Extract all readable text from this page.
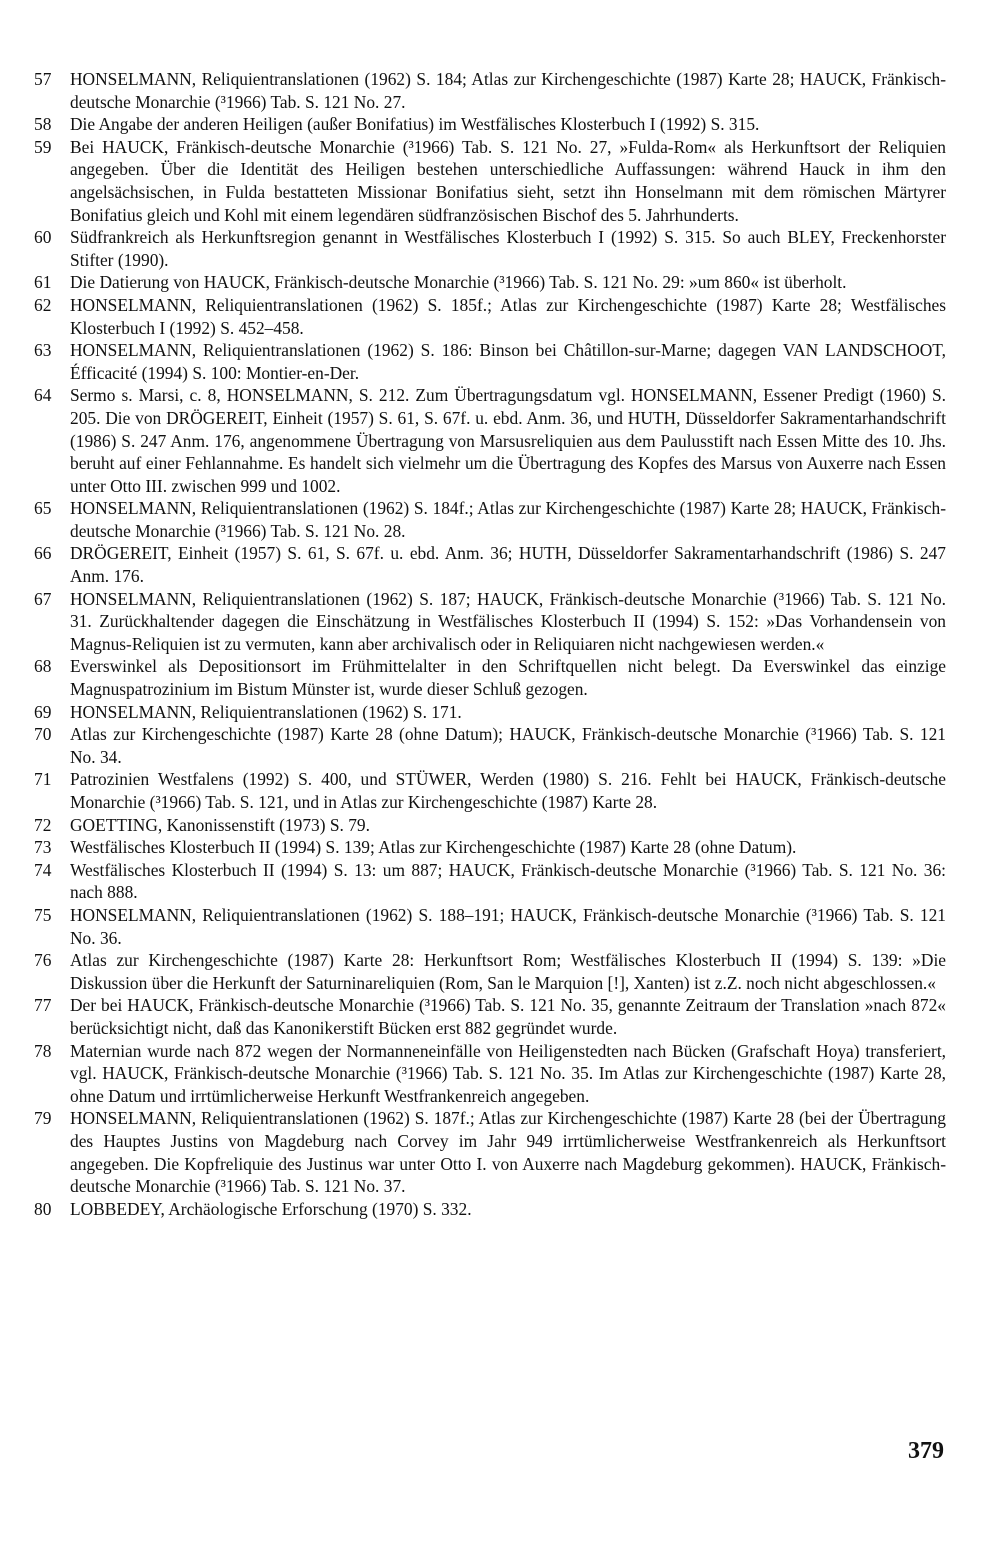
57	HONSELMANN, Reliquientranslationen (1962) S. 184; Atlas zur Kirchengeschichte (1987) Karte 28; HAUCK, Fränkisch-deutsche Monarchie (³1966) Tab. S. 121 No. 27.
58	Die Angabe der anderen Heiligen (außer Bonifatius) im Westfälisches Klosterbuch I (1992) S. 315.
59	Bei HAUCK, Fränkisch-deutsche Monarchie (³1966) Tab. S. 121 No. 27, »Fulda-Rom« als Herkunftsort der Reliquien angegeben. Über die Identität des Heiligen bestehen unterschiedliche Auffassungen: während Hauck in ihm den angelsächsischen, in Fulda bestatteten Missionar Bonifatius sieht, setzt ihn Honselmann mit dem römischen Märtyrer Bonifatius gleich und Kohl mit einem legendären südfranzösischen Bischof des 5. Jahrhunderts.
60	Südfrankreich als Herkunftsregion genannt in Westfälisches Klosterbuch I (1992) S. 315. So auch BLEY, Freckenhorster Stifter (1990).
61	Die Datierung von HAUCK, Fränkisch-deutsche Monarchie (³1966) Tab. S. 121 No. 29: »um 860« ist überholt.
62	HONSELMANN, Reliquientranslationen (1962) S. 185f.; Atlas zur Kirchengeschichte (1987) Karte 28; Westfälisches Klosterbuch I (1992) S. 452–458.
63	HONSELMANN, Reliquientranslationen (1962) S. 186: Binson bei Châtillon-sur-Marne; dagegen VAN LANDSCHOOT, Éfficacité (1994) S. 100: Montier-en-Der.
64	Sermo s. Marsi, c. 8, HONSELMANN, S. 212. Zum Übertragungsdatum vgl. HONSELMANN, Essener Predigt (1960) S. 205. Die von DRÖGEREIT, Einheit (1957) S. 61, S. 67f. u. ebd. Anm. 36, und HUTH, Düsseldorfer Sakramentarhandschrift (1986) S. 247 Anm. 176, angenommene Übertragung von Marsusreliquien aus dem Paulusstift nach Essen Mitte des 10. Jhs. beruht auf einer Fehlannahme. Es handelt sich vielmehr um die Übertragung des Kopfes des Marsus von Auxerre nach Essen unter Otto III. zwischen 999 und 1002.
65	HONSELMANN, Reliquientranslationen (1962) S. 184f.; Atlas zur Kirchengeschichte (1987) Karte 28; HAUCK, Fränkisch-deutsche Monarchie (³1966) Tab. S. 121 No. 28.
66	DRÖGEREIT, Einheit (1957) S. 61, S. 67f. u. ebd. Anm. 36; HUTH, Düsseldorfer Sakramentarhandschrift (1986) S. 247 Anm. 176.
67	HONSELMANN, Reliquientranslationen (1962) S. 187; HAUCK, Fränkisch-deutsche Monarchie (³1966) Tab. S. 121 No. 31. Zurückhaltender dagegen die Einschätzung in Westfälisches Klosterbuch II (1994) S. 152: »Das Vorhandensein von Magnus-Reliquien ist zu vermuten, kann aber archivalisch oder in Reliquiaren nicht nachgewiesen werden.«
68	Everswinkel als Depositionsort im Frühmittelalter in den Schriftquellen nicht belegt. Da Everswinkel das einzige Magnuspatrozinium im Bistum Münster ist, wurde dieser Schluß gezogen.
69	HONSELMANN, Reliquientranslationen (1962) S. 171.
70	Atlas zur Kirchengeschichte (1987) Karte 28 (ohne Datum); HAUCK, Fränkisch-deutsche Monarchie (³1966) Tab. S. 121 No. 34.
71	Patrozinien Westfalens (1992) S. 400, und STÜWER, Werden (1980) S. 216. Fehlt bei HAUCK, Fränkisch-deutsche Monarchie (³1966) Tab. S. 121, und in Atlas zur Kirchengeschichte (1987) Karte 28.
72	GOETTING, Kanonissenstift (1973) S. 79.
73	Westfälisches Klosterbuch II (1994) S. 139; Atlas zur Kirchengeschichte (1987) Karte 28 (ohne Datum).
74	Westfälisches Klosterbuch II (1994) S. 13: um 887; HAUCK, Fränkisch-deutsche Monarchie (³1966) Tab. S. 121 No. 36: nach 888.
75	HONSELMANN, Reliquientranslationen (1962) S. 188–191; HAUCK, Fränkisch-deutsche Monarchie (³1966) Tab. S. 121 No. 36.
76	Atlas zur Kirchengeschichte (1987) Karte 28: Herkunftsort Rom; Westfälisches Klosterbuch II (1994) S. 139: »Die Diskussion über die Herkunft der Saturninareliquien (Rom, San le Marquion [!], Xanten) ist z.Z. noch nicht abgeschlossen.«
77	Der bei HAUCK, Fränkisch-deutsche Monarchie (³1966) Tab. S. 121 No. 35, genannte Zeitraum der Translation »nach 872« berücksichtigt nicht, daß das Kanonikerstift Bücken erst 882 gegründet wurde.
78	Maternian wurde nach 872 wegen der Normanneneinfälle von Heiligenstedten nach Bücken (Grafschaft Hoya) transferiert, vgl. HAUCK, Fränkisch-deutsche Monarchie (³1966) Tab. S. 121 No. 35. Im Atlas zur Kirchengeschichte (1987) Karte 28, ohne Datum und irrtümlicherweise Herkunft Westfrankenreich angegeben.
79	HONSELMANN, Reliquientranslationen (1962) S. 187f.; Atlas zur Kirchengeschichte (1987) Karte 28 (bei der Übertragung des Hauptes Justins von Magdeburg nach Corvey im Jahr 949 irrtümlicherweise Westfrankenreich als Herkunftsort angegeben. Die Kopfreliquie des Justinus war unter Otto I. von Auxerre nach Magdeburg gekommen). HAUCK, Fränkisch-deutsche Monarchie (³1966) Tab. S. 121 No. 37.
80	LOBBEDEY, Archäologische Erforschung (1970) S. 332.
379
